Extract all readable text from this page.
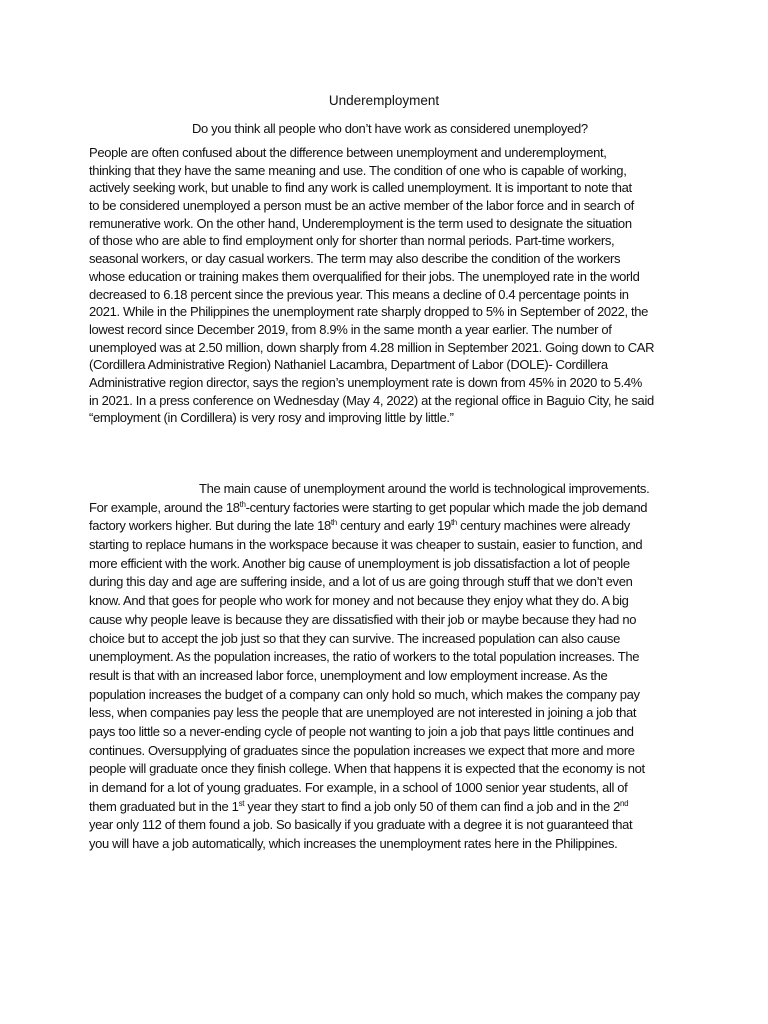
Underemployment
Do you think all people who don’t have work as considered unemployed?
People are often confused about the difference between unemployment and underemployment,
thinking that they have the same meaning and use. The condition of one who is capable of working,
actively seeking work, but unable to find any work is called unemployment. It is important to note that
to be considered unemployed a person must be an active member of the labor force and in search of
remunerative work. On the other hand, Underemployment is the term used to designate the situation
of those who are able to find employment only for shorter than normal periods. Part-time workers,
seasonal workers, or day casual workers. The term may also describe the condition of the workers
whose education or training makes them overqualified for their jobs. The unemployed rate in the world
decreased to 6.18 percent since the previous year. This means a decline of 0.4 percentage points in
2021. While in the Philippines the unemployment rate sharply dropped to 5% in September of 2022, the
lowest record since December 2019, from 8.9% in the same month a year earlier. The number of
unemployed was at 2.50 million, down sharply from 4.28 million in September 2021. Going down to CAR
(Cordillera Administrative Region) Nathaniel Lacambra, Department of Labor (DOLE)- Cordillera
Administrative region director, says the region’s unemployment rate is down from 45% in 2020 to 5.4%
in 2021. In a press conference on Wednesday (May 4, 2022) at the regional office in Baguio City, he said
“employment (in Cordillera) is very rosy and improving little by little.”
The main cause of unemployment around the world is technological improvements.
For example, around the 18th-century factories were starting to get popular which made the job demand
factory workers higher. But during the late 18th century and early 19th century machines were already
starting to replace humans in the workspace because it was cheaper to sustain, easier to function, and
more efficient with the work. Another big cause of unemployment is job dissatisfaction a lot of people
during this day and age are suffering inside, and a lot of us are going through stuff that we don’t even
know. And that goes for people who work for money and not because they enjoy what they do. A big
cause why people leave is because they are dissatisfied with their job or maybe because they had no
choice but to accept the job just so that they can survive. The increased population can also cause
unemployment. As the population increases, the ratio of workers to the total population increases. The
result is that with an increased labor force, unemployment and low employment increase. As the
population increases the budget of a company can only hold so much, which makes the company pay
less, when companies pay less the people that are unemployed are not interested in joining a job that
pays too little so a never-ending cycle of people not wanting to join a job that pays little continues and
continues. Oversupplying of graduates since the population increases we expect that more and more
people will graduate once they finish college. When that happens it is expected that the economy is not
in demand for a lot of young graduates. For example, in a school of 1000 senior year students, all of
them graduated but in the 1st year they start to find a job only 50 of them can find a job and in the 2nd
year only 112 of them found a job. So basically if you graduate with a degree it is not guaranteed that
you will have a job automatically, which increases the unemployment rates here in the Philippines.
